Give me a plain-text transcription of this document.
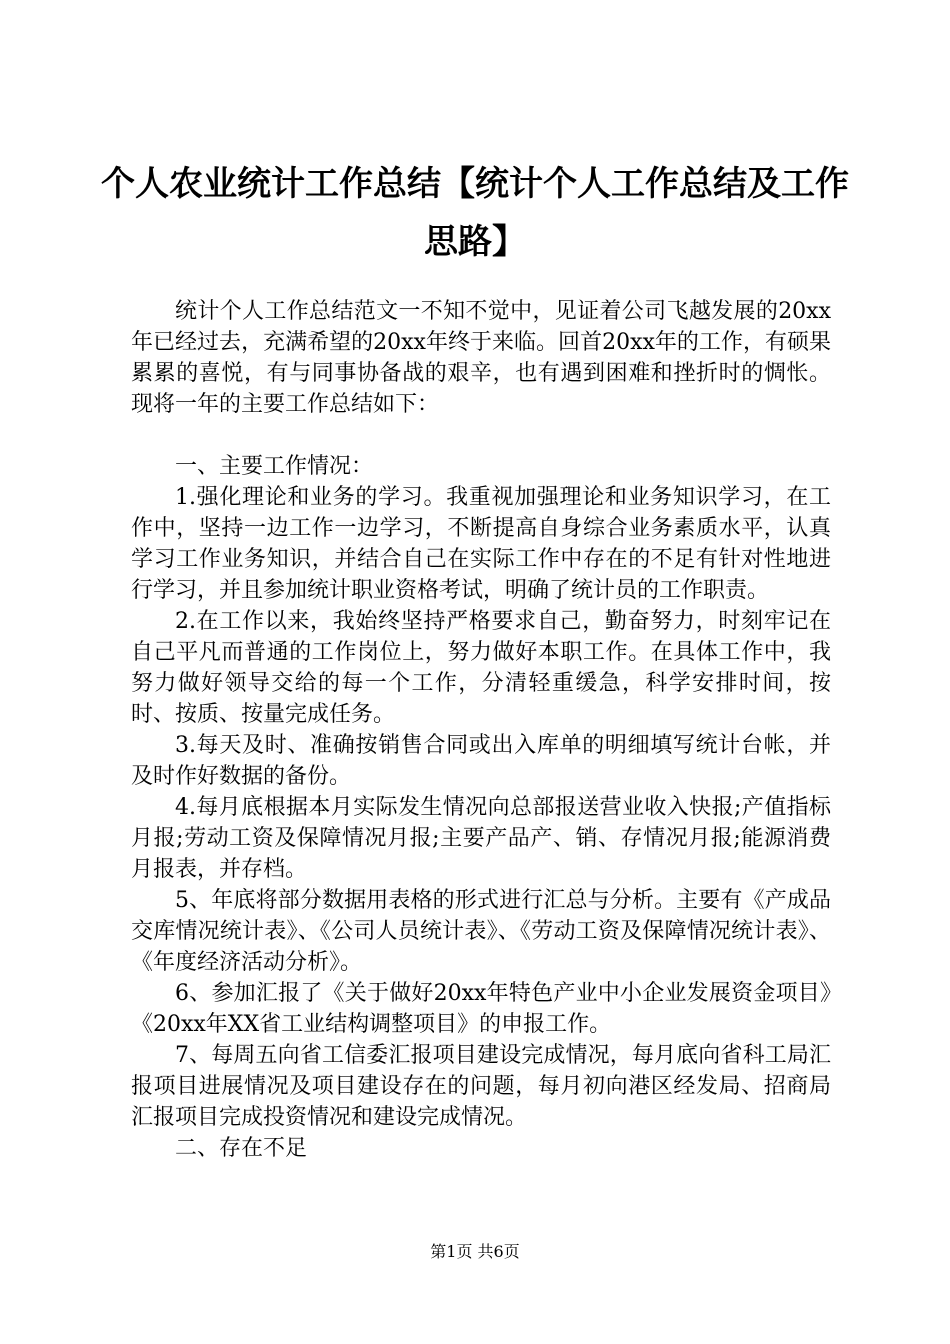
个人农业统计工作总结【统计个人工作总结及工作思路】

统计个人工作总结范文一不知不觉中，见证着公司飞越发展的20xx年已经过去，充满希望的20xx年终于来临。回首20xx年的工作，有硕果累累的喜悦，有与同事协备战的艰辛，也有遇到困难和挫折时的惆怅。现将一年的主要工作总结如下：

一、主要工作情况：

1.强化理论和业务的学习。我重视加强理论和业务知识学习，在工作中，坚持一边工作一边学习，不断提高自身综合业务素质水平，认真学习工作业务知识，并结合自己在实际工作中存在的不足有针对性地进行学习，并且参加统计职业资格考试，明确了统计员的工作职责。

2.在工作以来，我始终坚持严格要求自己，勤奋努力，时刻牢记在自己平凡而普通的工作岗位上，努力做好本职工作。在具体工作中，我努力做好领导交给的每一个工作，分清轻重缓急，科学安排时间，按时、按质、按量完成任务。

3.每天及时、准确按销售合同或出入库单的明细填写统计台帐，并及时作好数据的备份。

4.每月底根据本月实际发生情况向总部报送营业收入快报;产值指标月报;劳动工资及保障情况月报;主要产品产、销、存情况月报;能源消费月报表，并存档。

5、年底将部分数据用表格的形式进行汇总与分析。主要有《产成品交库情况统计表》、《公司人员统计表》、《劳动工资及保障情况统计表》、《年度经济活动分析》。

6、参加汇报了《关于做好20xx年特色产业中小企业发展资金项目》《20xx年XX省工业结构调整项目》的申报工作。

7、每周五向省工信委汇报项目建设完成情况，每月底向省科工局汇报项目进展情况及项目建设存在的问题，每月初向港区经发局、招商局汇报项目完成投资情况和建设完成情况。

二、存在不足

第1页 共6页
